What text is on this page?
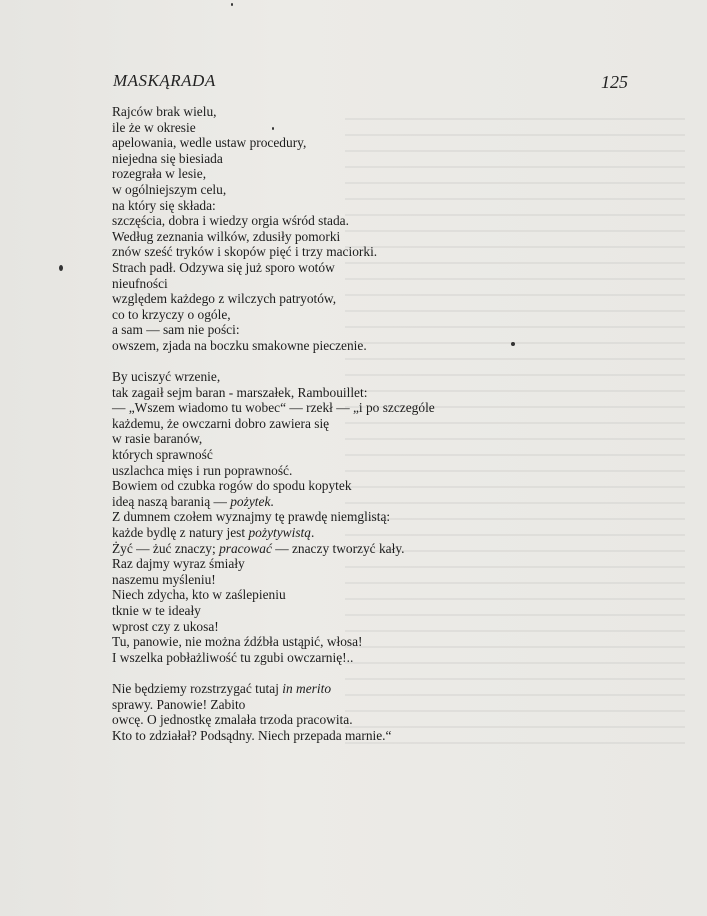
MASKĄRADA	125
Rajców brak wielu,
ile że w okresie
apelowania, wedle ustaw procedury,
niejedna się biesiada
rozegrała w lesie,
w ogólniejszym celu,
na który się składa:
szczęścia, dobra i wiedzy orgia wśród stada.
Według zeznania wilków, zdusiły pomorki
znów sześć tryków i skopów pięć i trzy maciorki.
Strach padł. Odzywa się już sporo wotów
nieufności
względem każdego z wilczych patryotów,
co to krzyczy o ogóle,
a sam — sam nie pości:
owszem, zjada na boczku smakowne pieczenie.
By uciszyć wrzenie,
tak zagaił sejm baran - marszałek, Rambouillet:
— „Wszem wiadomo tu wobec“ — rzekł — „i po szczególe
każdemu, że owczarni dobro zawiera się
w rasie baranów,
których sprawność
uszlachca mięs i run poprawność.
Bowiem od czubka rogów do spodu kopytek
ideą naszą baranią — pożytek.
Z dumnem czołem wyznajmy tę prawdę niemglistą:
każde bydlę z natury jest pożytywistą.
Żyć — żuć znaczy; pracować — znaczy tworzyć kały.
Raz dajmy wyraz śmiały
naszemu myśleniu!
Niech zdycha, kto w zaślepieniu
tknie w te ideały
wprost czy z ukosa!
Tu, panowie, nie można źdźbła ustąpić, włosa!
I wszelka pobłażliwość tu zgubi owczarnię!..
Nie będziemy rozstrzygać tutaj in merito
sprawy. Panowie! Zabito
owcę. O jednostkę zmalała trzoda pracowita.
Kto to zdziałał? Podsądny. Niech przepada marnie.“
